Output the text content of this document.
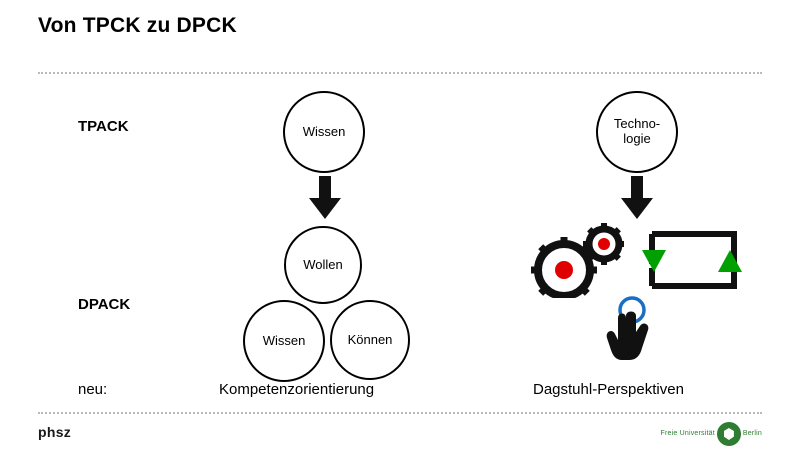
Von TPCK zu DPCK
TPACK
DPACK
neu:
Wissen
Wollen
Wissen	Können
Techno-
logie
Kompetenzorientierung	Dagstuhl-Perspektiven
phsz	Freie Universität	Berlin
